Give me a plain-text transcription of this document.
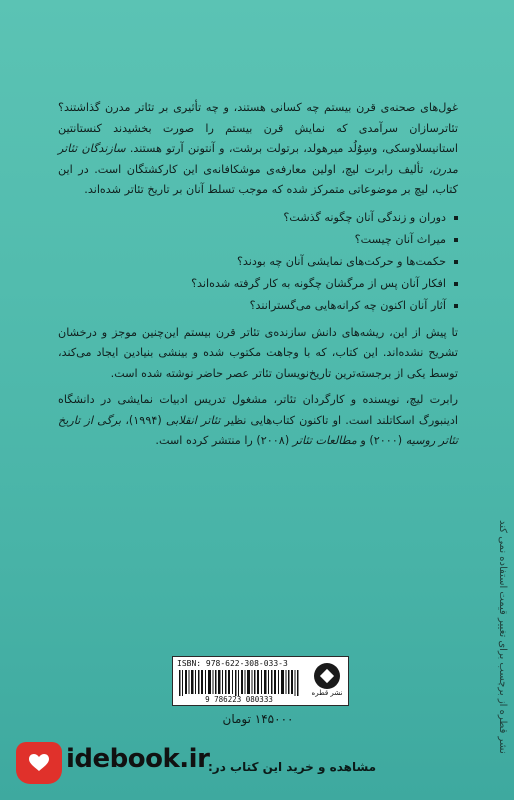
غول‌های صحنه‌ی قرن بیستم چه کسانی هستند، و چه تأثیری بر تئاتر مدرن گذاشتند؟ تئاترسازان سرآمدی که نمایش قرن بیستم را صورت بخشیدند کنستانتین استانیسلاوسکی، وسِوُلُد میرهولد، برتولت برشت، و آنتونن آرتو هستند. سازندگان تئاتر مدرن، تألیف رابرت لیچ، اولین معارفه‌ی موشکافانه‌ی این کارکشتگان است. در این کتاب، لیچ بر موضوعاتی متمرکز شده که موجب تسلط آنان بر تاریخ تئاتر شده‌اند.

دوران و زندگی آنان چگونه گذشت؟
میراث آنان چیست؟
حکمت‌ها و حرکت‌های نمایشی آنان چه بودند؟
افکار آنان پس از مرگشان چگونه به کار گرفته شده‌اند؟
آثار آنان اکنون چه کرانه‌هایی می‌گسترانند؟

تا پیش از این، ریشه‌های دانش سازنده‌ی تئاتر قرن بیستم این‌چنین موجز و درخشان تشریح نشده‌اند. این کتاب، که با وجاهت مکتوب شده و بینشی بنیادین ایجاد می‌کند، توسط یکی از برجسته‌ترین تاریخ‌نویسان تئاتر عصر حاضر نوشته شده است.

رابرت لیچ، نویسنده و کارگردان تئاتر، مشغول تدریس ادبیات نمایشی در دانشگاه ادینبورگ اسکاتلند است. او تاکنون کتاب‌هایی نظیر تئاتر انقلابی (۱۹۹۴)، برگی از تاریخ تئاتر روسیه (۲۰۰۰) و مطالعات تئاتر (۲۰۰۸) را منتشر کرده است.

نشر قطره از برچسب برای تغییر قیمت استفاده نمی کند
ISBN: 978-622-308-033-3
9 786223 080333
نشر قطره
۱۴۵۰۰۰ تومان
مشاهده و خرید این کتاب در:
idebook.ir
